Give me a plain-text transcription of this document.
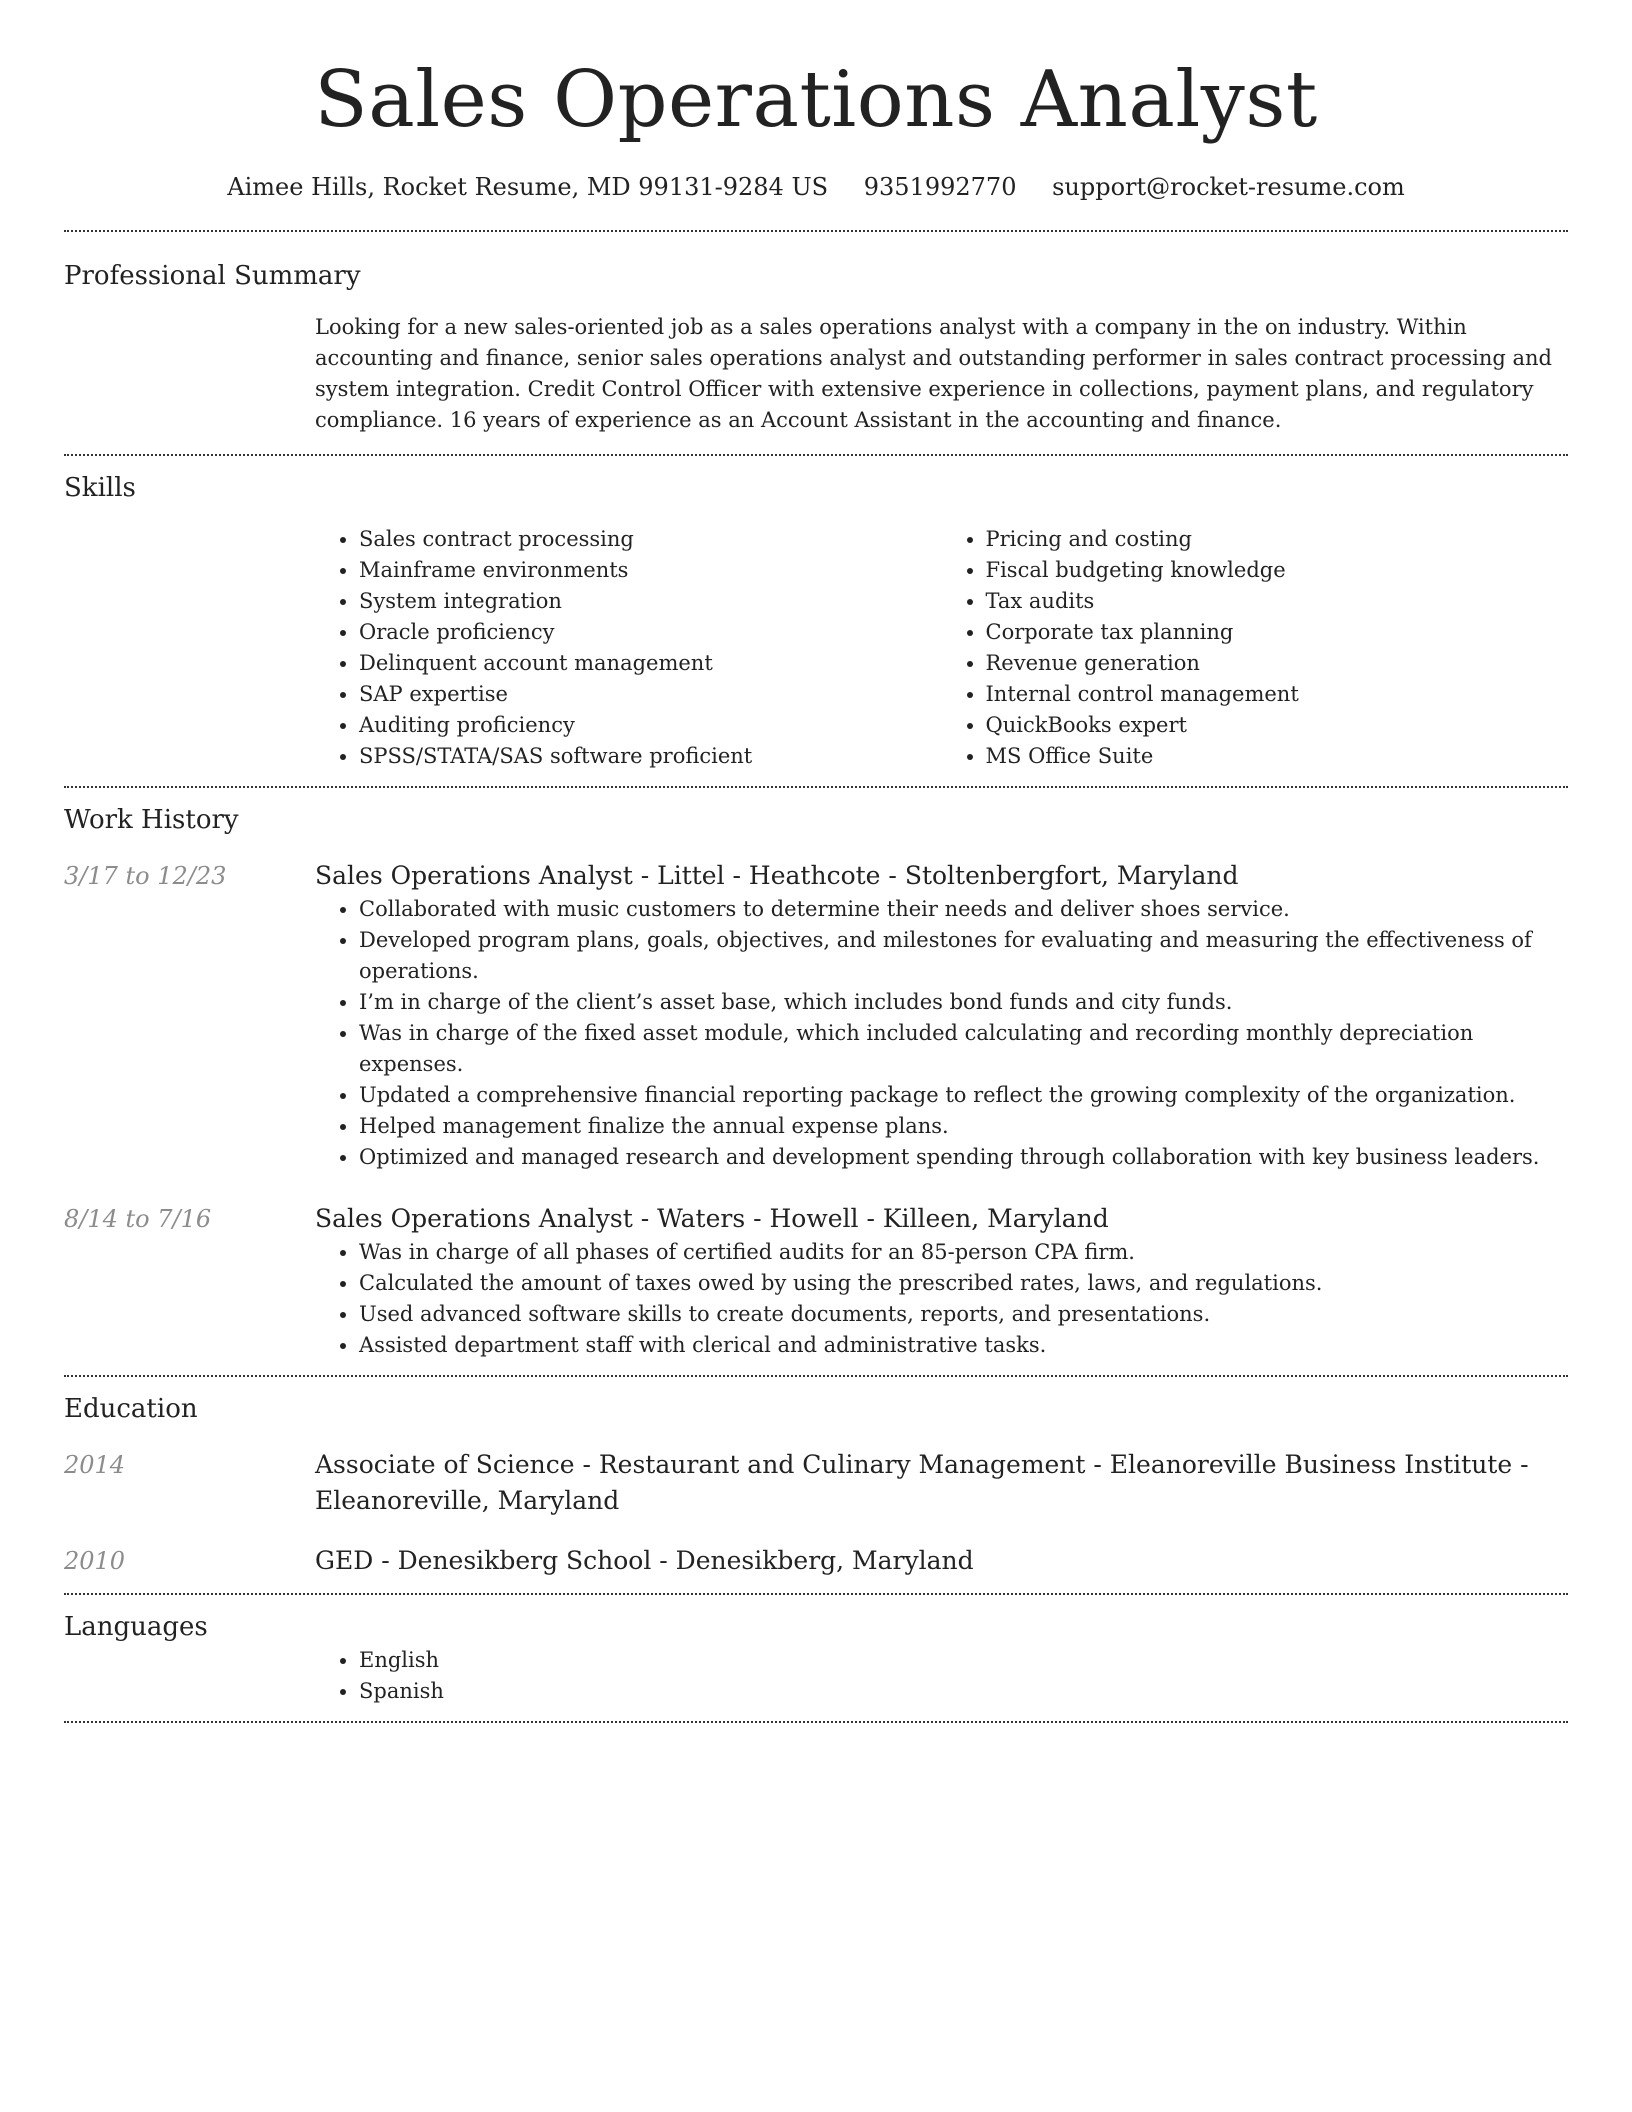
Sales Operations Analyst
Aimee Hills, Rocket Resume, MD 99131-9284 US 9351992770 support@rocket-resume.com
Professional Summary

Looking for a new sales-oriented job as a sales operations analyst with a company in the on industry. Within accounting and finance, senior sales operations analyst and outstanding performer in sales contract processing and system integration. Credit Control Officer with extensive experience in collections, payment plans, and regulatory compliance. 16 years of experience as an Account Assistant in the accounting and finance.

Skills
• Sales contract processing
• Mainframe environments
• System integration
• Oracle proficiency
• Delinquent account management
• SAP expertise
• Auditing proficiency
• SPSS/STATA/SAS software proficient
• Pricing and costing
• Fiscal budgeting knowledge
• Tax audits
• Corporate tax planning
• Revenue generation
• Internal control management
• QuickBooks expert
• MS Office Suite
Work History
3/17 to 12/23	Sales Operations Analyst - Littel - Heathcote - Stoltenbergfort, Maryland
• Collaborated with music customers to determine their needs and deliver shoes service.
• Developed program plans, goals, objectives, and milestones for evaluating and measuring the effectiveness of operations.
• I’m in charge of the client’s asset base, which includes bond funds and city funds.
• Was in charge of the fixed asset module, which included calculating and recording monthly depreciation expenses.
• Updated a comprehensive financial reporting package to reflect the growing complexity of the organization.
• Helped management finalize the annual expense plans.
• Optimized and managed research and development spending through collaboration with key business leaders.
8/14 to 7/16	Sales Operations Analyst - Waters - Howell - Killeen, Maryland
• Was in charge of all phases of certified audits for an 85-person CPA firm.
• Calculated the amount of taxes owed by using the prescribed rates, laws, and regulations.
• Used advanced software skills to create documents, reports, and presentations.
• Assisted department staff with clerical and administrative tasks.
Education
2014	Associate of Science - Restaurant and Culinary Management - Eleanoreville Business Institute - Eleanoreville, Maryland
2010	GED - Denesikberg School - Denesikberg, Maryland
Languages
• English
• Spanish
